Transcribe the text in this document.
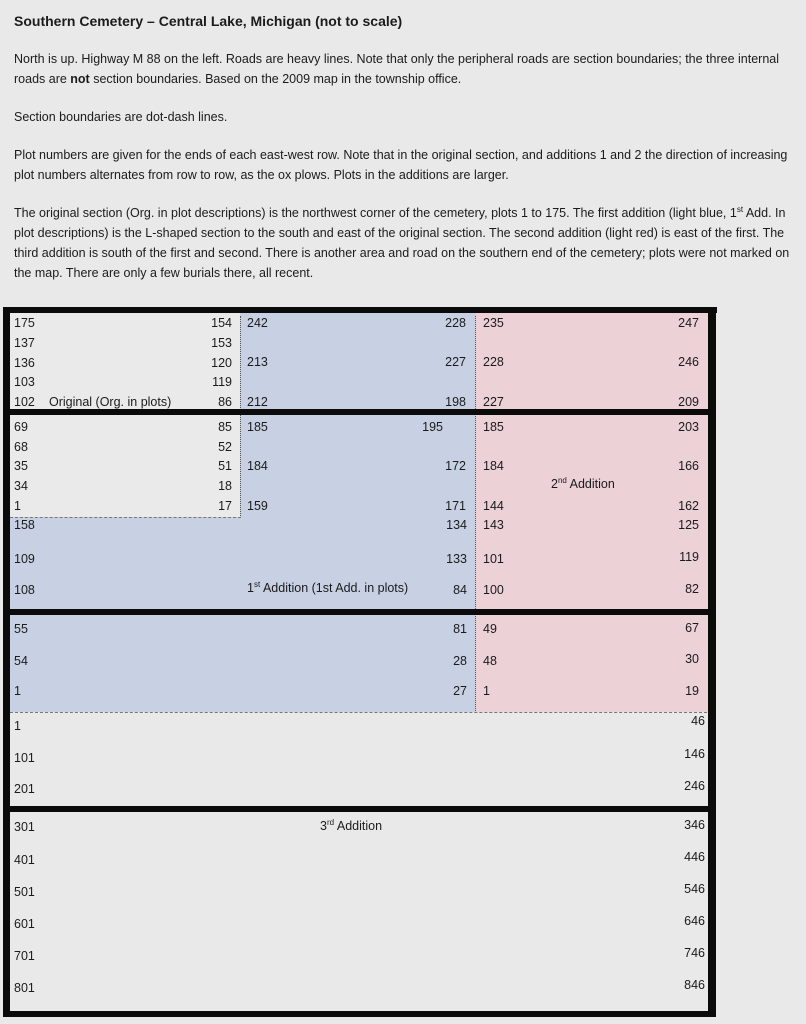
Southern Cemetery – Central Lake, Michigan (not to scale)
North is up. Highway M 88 on the left. Roads are heavy lines. Note that only the peripheral roads are section boundaries; the three internal roads are not section boundaries. Based on the 2009 map in the township office.
Section boundaries are dot-dash lines.
Plot numbers are given for the ends of each east-west row. Note that in the original section, and additions 1 and 2 the direction of increasing plot numbers alternates from row to row, as the ox plows. Plots in the additions are larger.
The original section (Org. in plot descriptions) is the northwest corner of the cemetery, plots 1 to 175. The first addition (light blue, 1st Add. In plot descriptions) is the L-shaped section to the south and east of the original section. The second addition (light red) is east of the first. The third addition is south of the first and second. There is another area and road on the southern end of the cemetery; plots were not marked on the map. There are only a few burials there, all recent.
Original (Org. in plots)
1st Addition (1st Add. in plots)
2nd Addition
3rd Addition
175	154
137	153
136	120
103	119
102	86
69	85
68	52
35	51
34	18
1	17
242	228
213	227
212	198
185	195
184	172
159	171
158	134
109	133
108	84
55	81
54	28
1	27
235	247
228	246
227	209
185	203
184	166
144	162
143	125
101	119
100	82
49	67
48	30
1	19
1	46
101	146
201	246
301	346
401	446
501	546
601	646
701	746
801	846
